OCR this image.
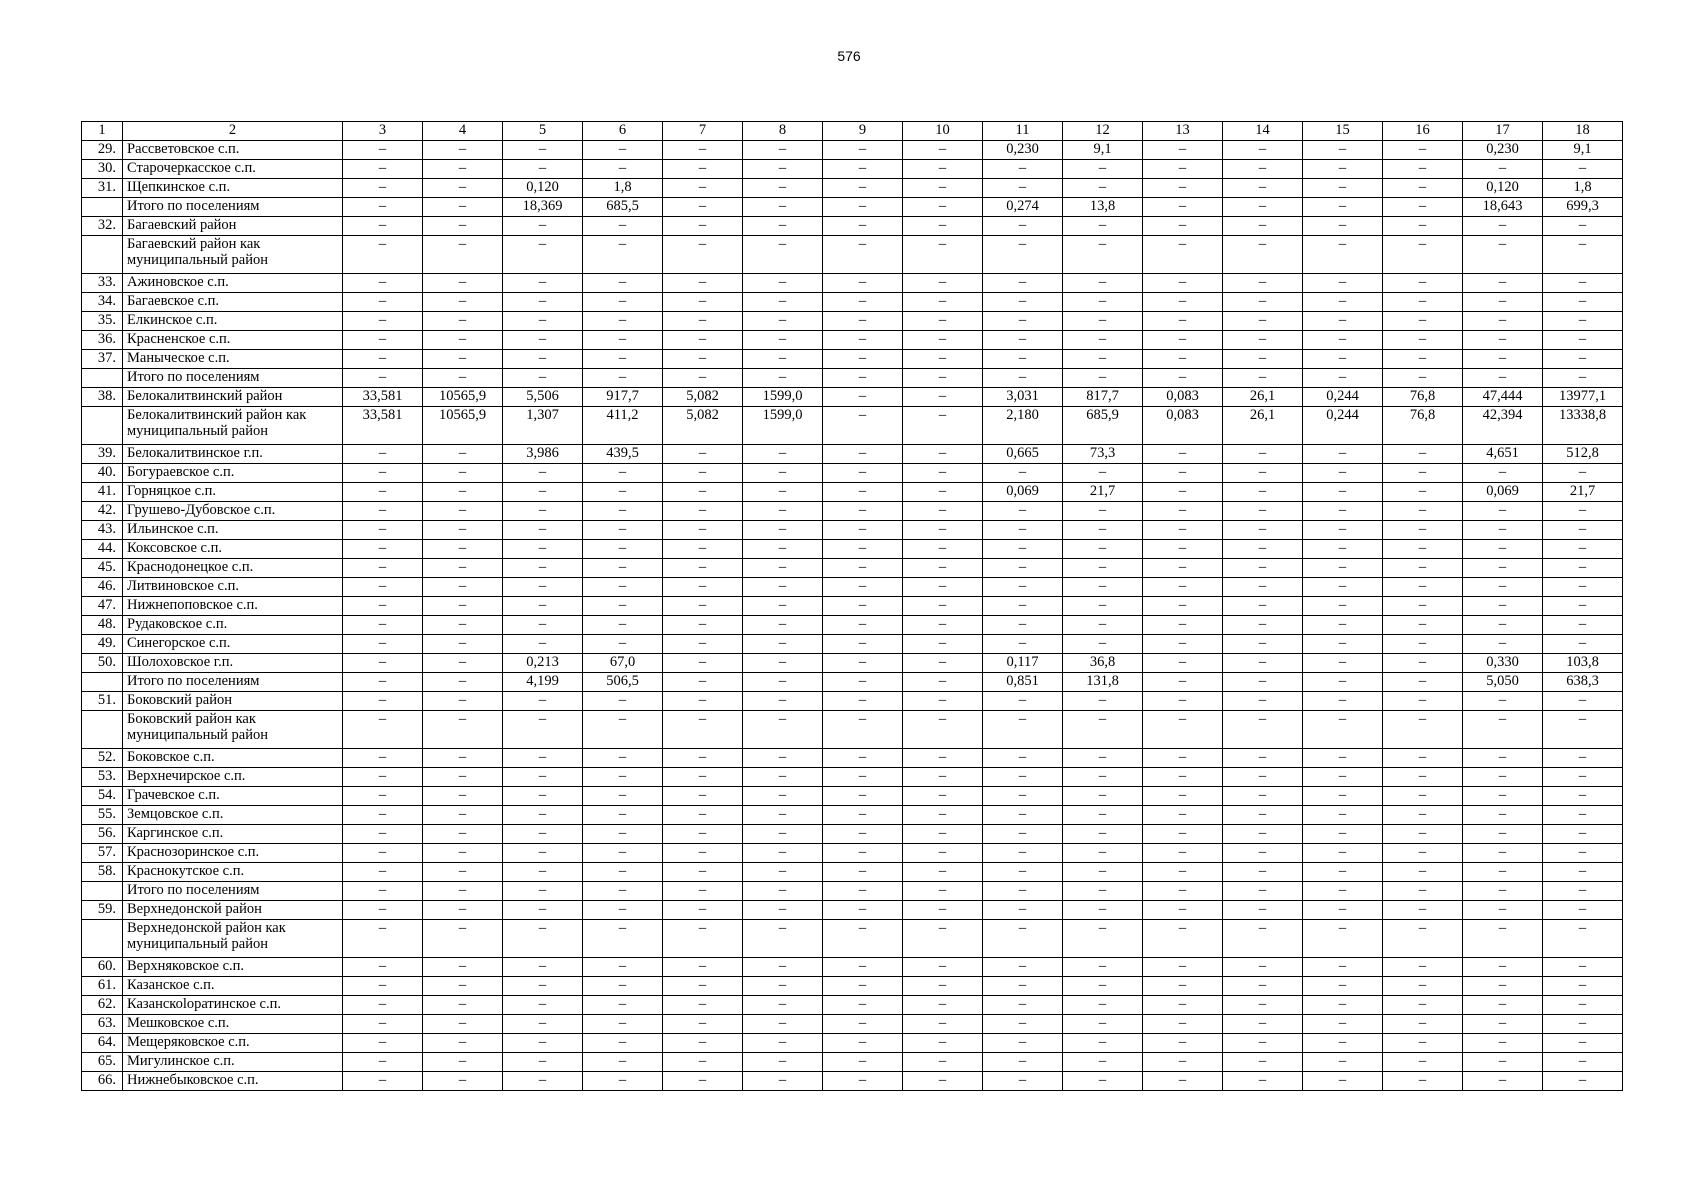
576
1	2	3	4	5	6	7	8	9	10	11	12	13	14	15	16	17	18
29.	Рассветовское с.п.	–	–	–	–	–	–	–	–	0,230	9,1	–	–	–	–	0,230	9,1
30.	Старочеркасское с.п.	–	–	–	–	–	–	–	–	–	–	–	–	–	–	–	–
31.	Щепкинское с.п.	–	–	0,120	1,8	–	–	–	–	–	–	–	–	–	–	0,120	1,8
	Итого по поселениям	–	–	18,369	685,5	–	–	–	–	0,274	13,8	–	–	–	–	18,643	699,3
32.	Багаевский район	–	–	–	–	–	–	–	–	–	–	–	–	–	–	–	–
	Багаевский район как муниципальный район	–	–	–	–	–	–	–	–	–	–	–	–	–	–	–	–
33.	Ажиновское с.п.	–	–	–	–	–	–	–	–	–	–	–	–	–	–	–	–
34.	Багаевское с.п.	–	–	–	–	–	–	–	–	–	–	–	–	–	–	–	–
35.	Елкинское с.п.	–	–	–	–	–	–	–	–	–	–	–	–	–	–	–	–
36.	Красненское с.п.	–	–	–	–	–	–	–	–	–	–	–	–	–	–	–	–
37.	Маныческое с.п.	–	–	–	–	–	–	–	–	–	–	–	–	–	–	–	–
	Итого по поселениям	–	–	–	–	–	–	–	–	–	–	–	–	–	–	–	–
38.	Белокалитвинский район	33,581	10565,9	5,506	917,7	5,082	1599,0	–	–	3,031	817,7	0,083	26,1	0,244	76,8	47,444	13977,1
	Белокалитвинский район как муниципальный район	33,581	10565,9	1,307	411,2	5,082	1599,0	–	–	2,180	685,9	0,083	26,1	0,244	76,8	42,394	13338,8
39.	Белокалитвинское г.п.	–	–	3,986	439,5	–	–	–	–	0,665	73,3	–	–	–	–	4,651	512,8
40.	Богураевское с.п.	–	–	–	–	–	–	–	–	–	–	–	–	–	–	–	–
41.	Горняцкое с.п.	–	–	–	–	–	–	–	–	0,069	21,7	–	–	–	–	0,069	21,7
42.	Грушево-Дубовское с.п.	–	–	–	–	–	–	–	–	–	–	–	–	–	–	–	–
43.	Ильинское с.п.	–	–	–	–	–	–	–	–	–	–	–	–	–	–	–	–
44.	Коксовское с.п.	–	–	–	–	–	–	–	–	–	–	–	–	–	–	–	–
45.	Краснодонецкое с.п.	–	–	–	–	–	–	–	–	–	–	–	–	–	–	–	–
46.	Литвиновское с.п.	–	–	–	–	–	–	–	–	–	–	–	–	–	–	–	–
47.	Нижнепоповское с.п.	–	–	–	–	–	–	–	–	–	–	–	–	–	–	–	–
48.	Рудаковское с.п.	–	–	–	–	–	–	–	–	–	–	–	–	–	–	–	–
49.	Синегорское с.п.	–	–	–	–	–	–	–	–	–	–	–	–	–	–	–	–
50.	Шолоховское г.п.	–	–	0,213	67,0	–	–	–	–	0,117	36,8	–	–	–	–	0,330	103,8
	Итого по поселениям	–	–	4,199	506,5	–	–	–	–	0,851	131,8	–	–	–	–	5,050	638,3
51.	Боковский район	–	–	–	–	–	–	–	–	–	–	–	–	–	–	–	–
	Боковский район как муниципальный район	–	–	–	–	–	–	–	–	–	–	–	–	–	–	–	–
52.	Боковское с.п.	–	–	–	–	–	–	–	–	–	–	–	–	–	–	–	–
53.	Верхнечирское с.п.	–	–	–	–	–	–	–	–	–	–	–	–	–	–	–	–
54.	Грачевское с.п.	–	–	–	–	–	–	–	–	–	–	–	–	–	–	–	–
55.	Земцовское с.п.	–	–	–	–	–	–	–	–	–	–	–	–	–	–	–	–
56.	Каргинское с.п.	–	–	–	–	–	–	–	–	–	–	–	–	–	–	–	–
57.	Краснозоринское с.п.	–	–	–	–	–	–	–	–	–	–	–	–	–	–	–	–
58.	Краснокутское с.п.	–	–	–	–	–	–	–	–	–	–	–	–	–	–	–	–
	Итого по поселениям	–	–	–	–	–	–	–	–	–	–	–	–	–	–	–	–
59.	Верхнедонской район	–	–	–	–	–	–	–	–	–	–	–	–	–	–	–	–
	Верхнедонской район как муниципальный район	–	–	–	–	–	–	–	–	–	–	–	–	–	–	–	–
60.	Верхняковское с.п.	–	–	–	–	–	–	–	–	–	–	–	–	–	–	–	–
61.	Казанское с.п.	–	–	–	–	–	–	–	–	–	–	–	–	–	–	–	–
62.	Казанскоlopатинское с.п.	–	–	–	–	–	–	–	–	–	–	–	–	–	–	–	–
63.	Мешковское с.п.	–	–	–	–	–	–	–	–	–	–	–	–	–	–	–	–
64.	Мещеряковское с.п.	–	–	–	–	–	–	–	–	–	–	–	–	–	–	–	–
65.	Мигулинское с.п.	–	–	–	–	–	–	–	–	–	–	–	–	–	–	–	–
66.	Нижнебыковское с.п.	–	–	–	–	–	–	–	–	–	–	–	–	–	–	–	–
